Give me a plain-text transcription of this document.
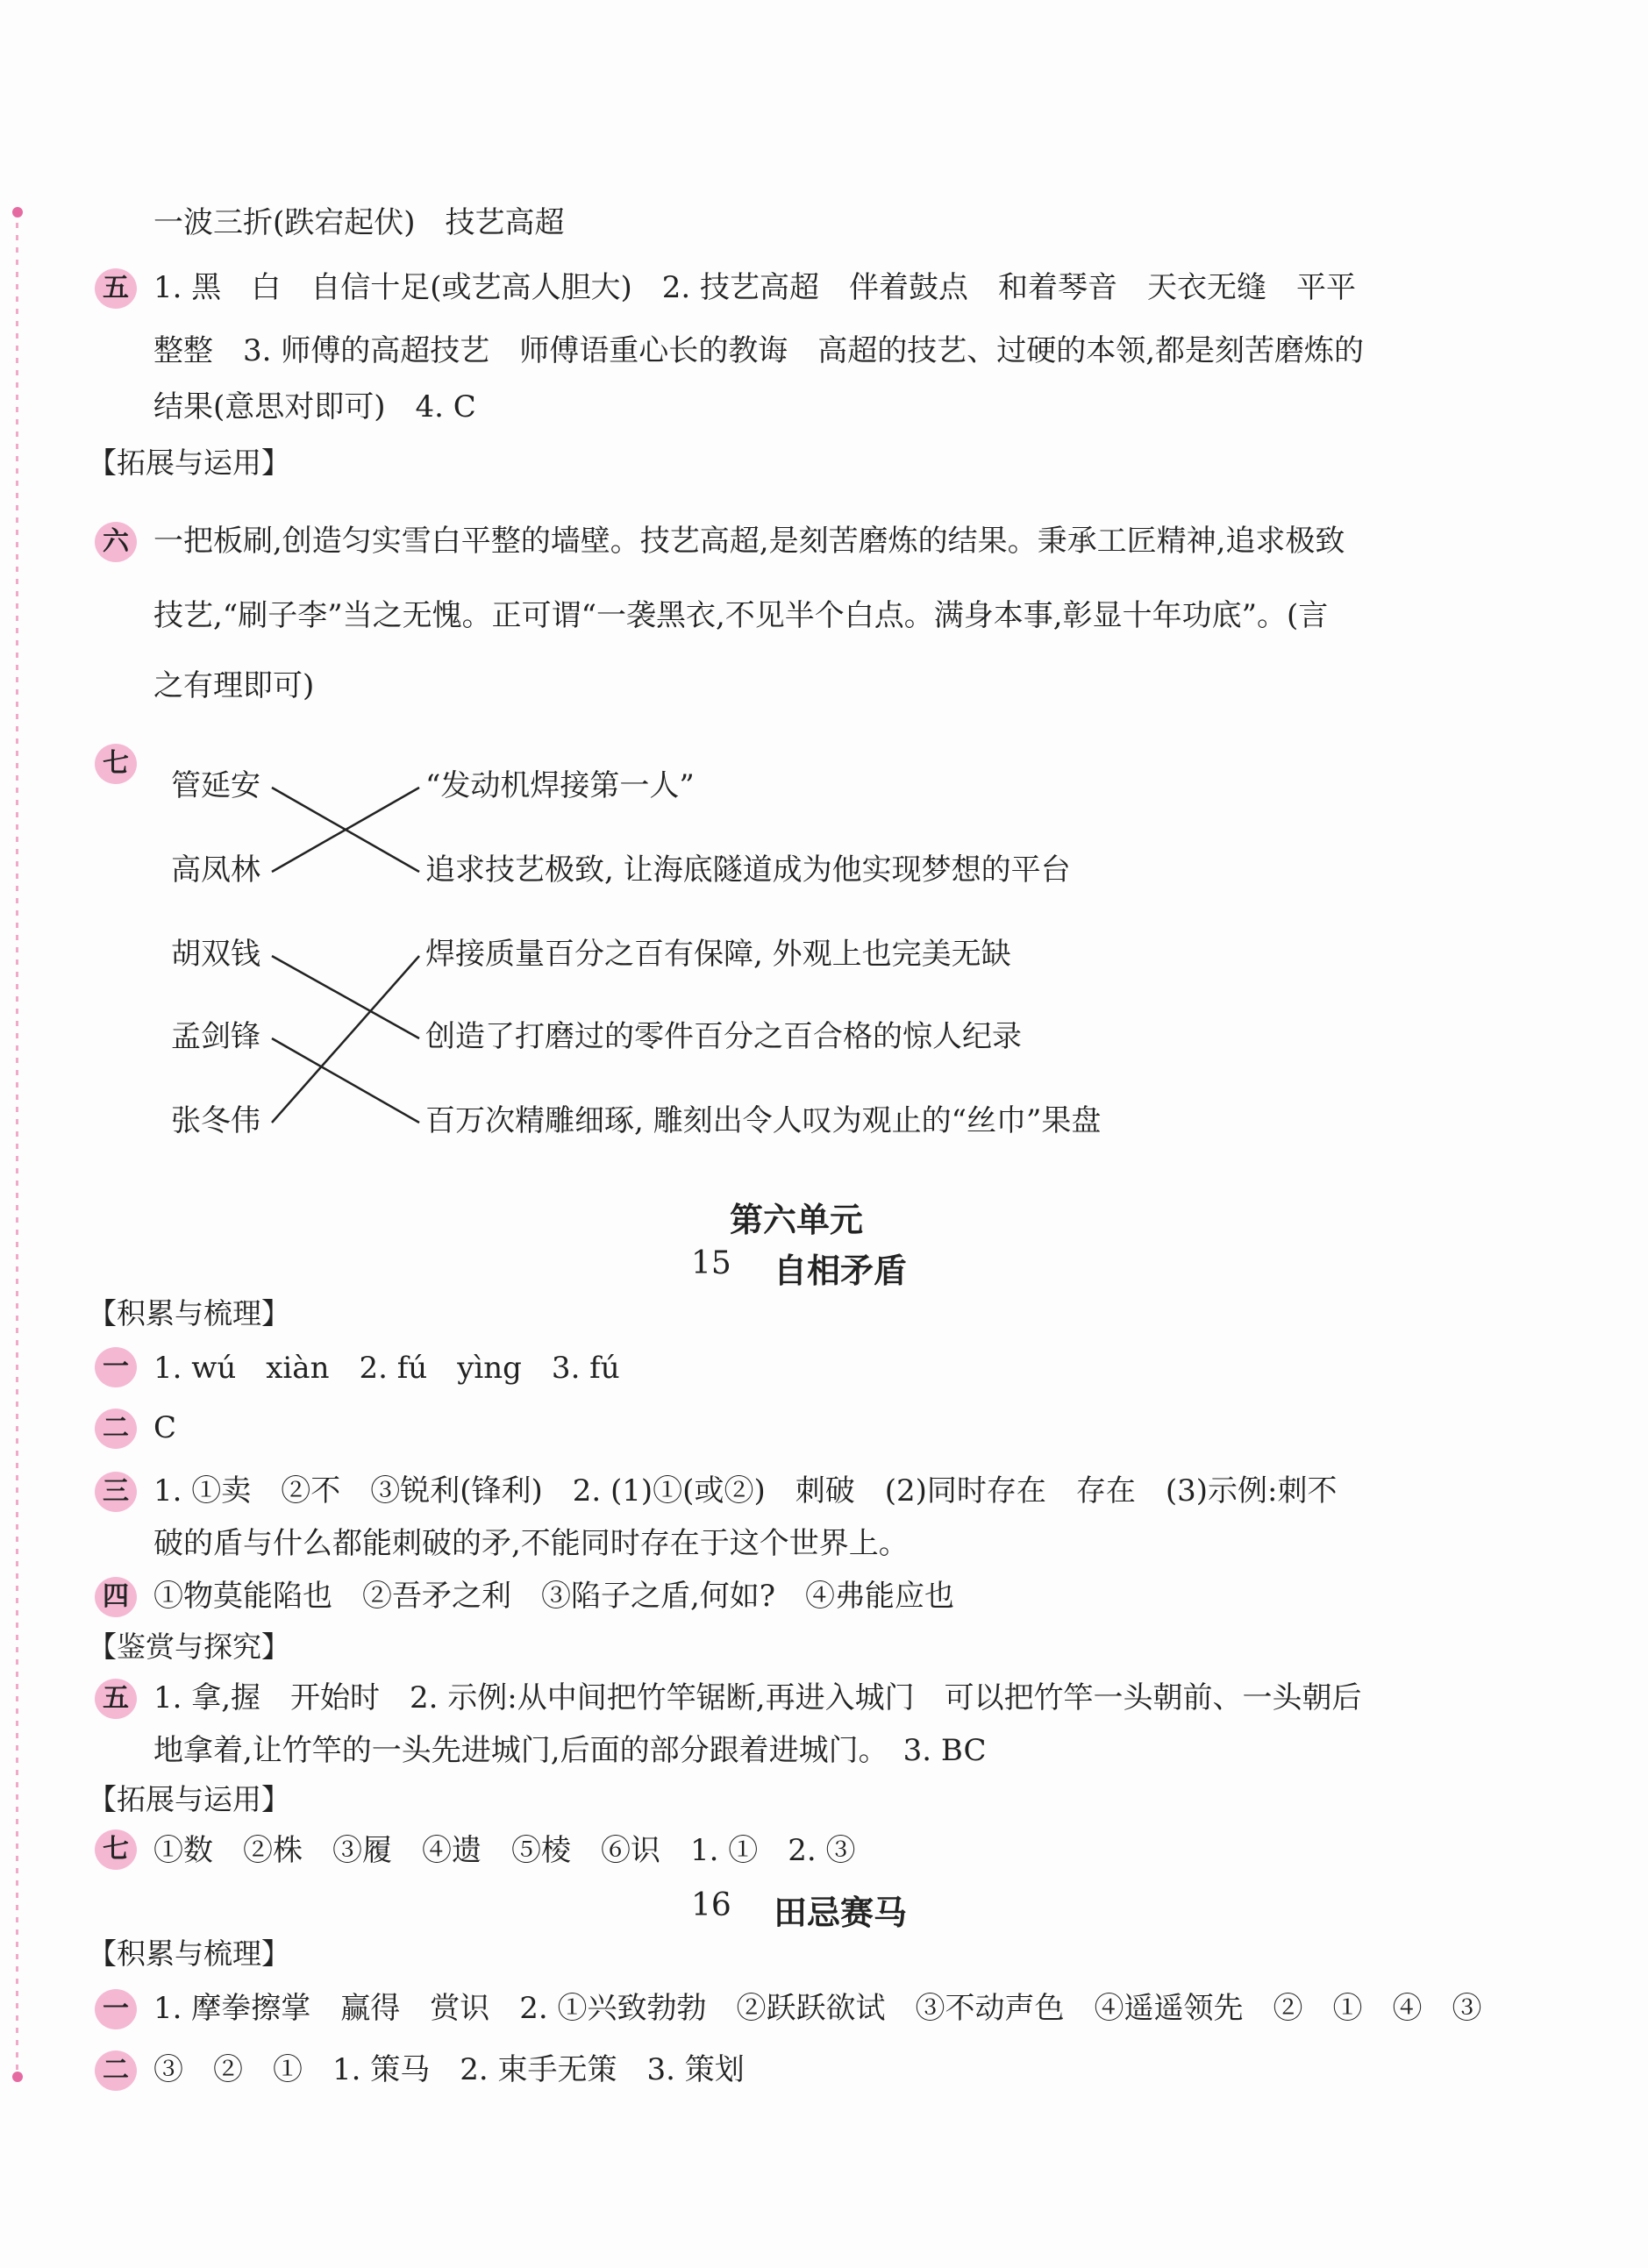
一波三折(跌宕起伏)　技艺高超
五 1. 黑　白　自信十足(或艺高人胆大)　2. 技艺高超　伴着鼓点　和着琴音　天衣无缝　平平
整整　3. 师傅的高超技艺　师傅语重心长的教诲　高超的技艺、过硬的本领,都是刻苦磨炼的
结果(意思对即可)　4. C
【拓展与运用】
六 一把板刷,创造匀实雪白平整的墙壁。技艺高超,是刻苦磨炼的结果。秉承工匠精神,追求极致
技艺,“刷子李”当之无愧。正可谓“一袭黑衣,不见半个白点。满身本事,彰显十年功底”。(言
之有理即可)
七
管延安
高凤林
胡双钱
孟剑锋
张冬伟
“发动机焊接第一人”
追求技艺极致, 让海底隧道成为他实现梦想的平台
焊接质量百分之百有保障, 外观上也完美无缺
创造了打磨过的零件百分之百合格的惊人纪录
百万次精雕细琢, 雕刻出令人叹为观止的“丝巾”果盘
第六单元
15 自相矛盾
【积累与梳理】
一 1. wú　xiàn　2. fú　yìng　3. fú
二 C
三 1. ①卖　②不　③锐利(锋利)　2. (1)①(或②)　刺破　(2)同时存在　存在　(3)示例:刺不
破的盾与什么都能刺破的矛,不能同时存在于这个世界上。
四 ①物莫能陷也　②吾矛之利　③陷子之盾,何如?　④弗能应也
【鉴赏与探究】
五 1. 拿,握　开始时　2. 示例:从中间把竹竿锯断,再进入城门　可以把竹竿一头朝前、一头朝后
地拿着,让竹竿的一头先进城门,后面的部分跟着进城门。　3. BC
【拓展与运用】
七 ①数　②株　③履　④遗　⑤棱　⑥识　1. ①　2. ③
16 田忌赛马
【积累与梳理】
一 1. 摩拳擦掌　赢得　赏识　2. ①兴致勃勃　②跃跃欲试　③不动声色　④遥遥领先　②　①　④　③
二 ③　②　①　1. 策马　2. 束手无策　3. 策划
